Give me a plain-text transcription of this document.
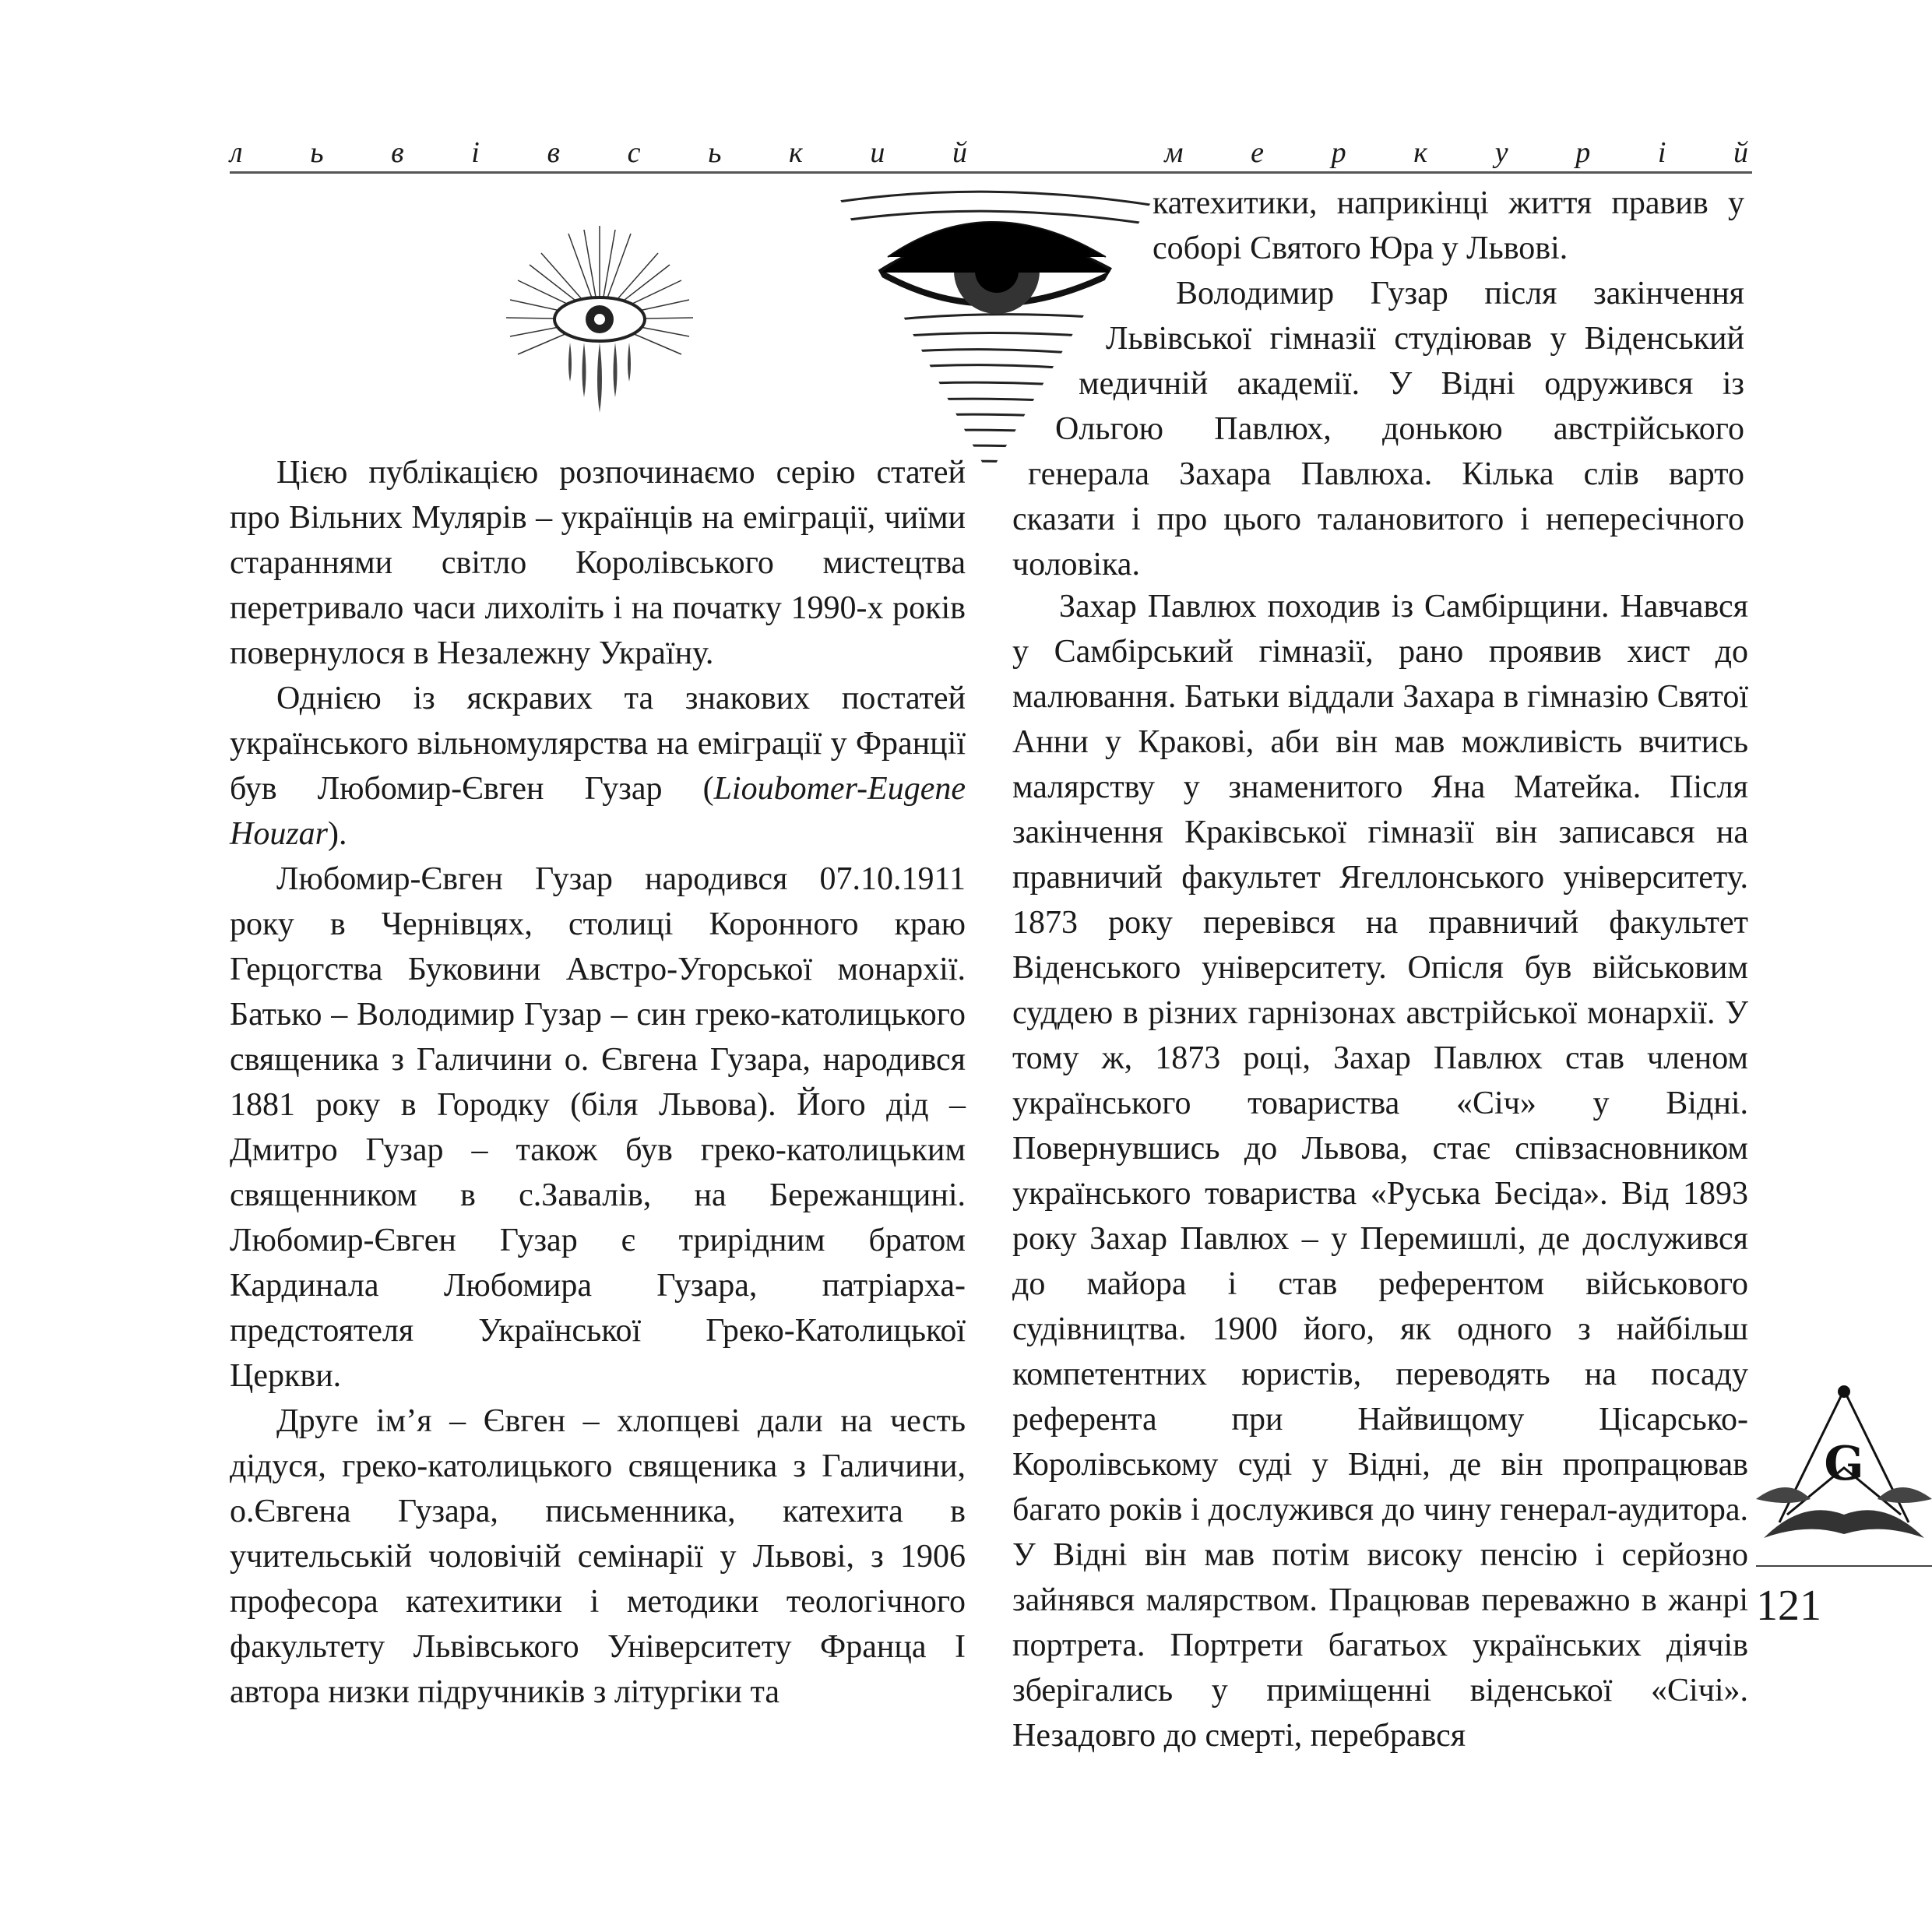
л ь в і в с ь к и й	м е р к у р і й
катехитики, наприкінці життя правив у
соборі Святого Юра у Львові.
Володимир Гузар після закінчення
Львівської гімназії студіював у Віденський
медичній академії. У Відні одружився із
Ольгою Павлюх, донькою австрійського
генерала Захара Павлюха. Кілька слів варто
сказати і про цього талановитого і непересічного
чоловіка.

Цією публікацією розпочинаємо серію статей про Вільних Мулярів – українців на еміграції, чиїми стараннями світло Королівського мистецтва перетривало часи лихоліть і на початку 1990-х років повернулося в Незалежну Україну.

Однією із яскравих та знакових постатей українського вільномулярства на еміграції у Франції був Любомир-Євген Гузар (Lioubomer-Eugene Houzar).

Любомир-Євген Гузар народився 07.10.1911 року в Чернівцях, столиці Коронного краю Герцогства Буковини Австро-Угорської монархії. Батько – Володимир Гузар – син греко-католицького священика з Галичини о. Євгена Гузара, народився 1881 року в Городку (біля Львова). Його дід – Дмитро Гузар – також був греко-католицьким священником в с.Завалів, на Бережанщині. Любомир-Євген Гузар є трирідним братом Кардинала Любомира Гузара, патріарха-предстоятеля Української Греко-Католицької Церкви.

Друге ім’я – Євген – хлопцеві дали на честь дідуся, греко-католицького священика з Галичини, о.Євгена Гузара, письменника, катехита в учительській чоловічій семінарії у Львові, з 1906 професора катехитики і методики теологічного факультету Львівського Університету Франца І автора низки підручників з літургіки та

Захар Павлюх походив із Самбірщини. Навчався у Самбірський гімназії, рано проявив хист до малювання. Батьки віддали Захара в гімназію Святої Анни у Кракові, аби він мав можливість вчитись малярству у знаменитого Яна Матейка. Після закінчення Краківської гімназії він записався на правничий факультет Ягеллонського університету. 1873 року перевівся на правничий факультет Віденського університету. Опісля був військовим суддею в різних гарнізонах австрійської монархії. У тому ж, 1873 році, Захар Павлюх став членом українського товариства «Січ» у Відні. Повернувшись до Львова, стає співзасновником українського товариства «Руська Бесіда». Від 1893 року Захар Павлюх – у Перемишлі, де дослужився до майора і став референтом військового судівництва. 1900 його, як одного з найбільш компетентних юристів, переводять на посаду референта при Найвищому Цісарсько-Королівському суді у Відні, де він пропрацював багато років і дослужився до чину генерал-аудитора. У Відні він мав потім високу пенсію і серйозно зайнявся малярством. Працював переважно в жанрі портрета. Портрети багатьох українських діячів зберігались у приміщенні віденської «Січі». Незадовго до смерті, перебрався

G
121
